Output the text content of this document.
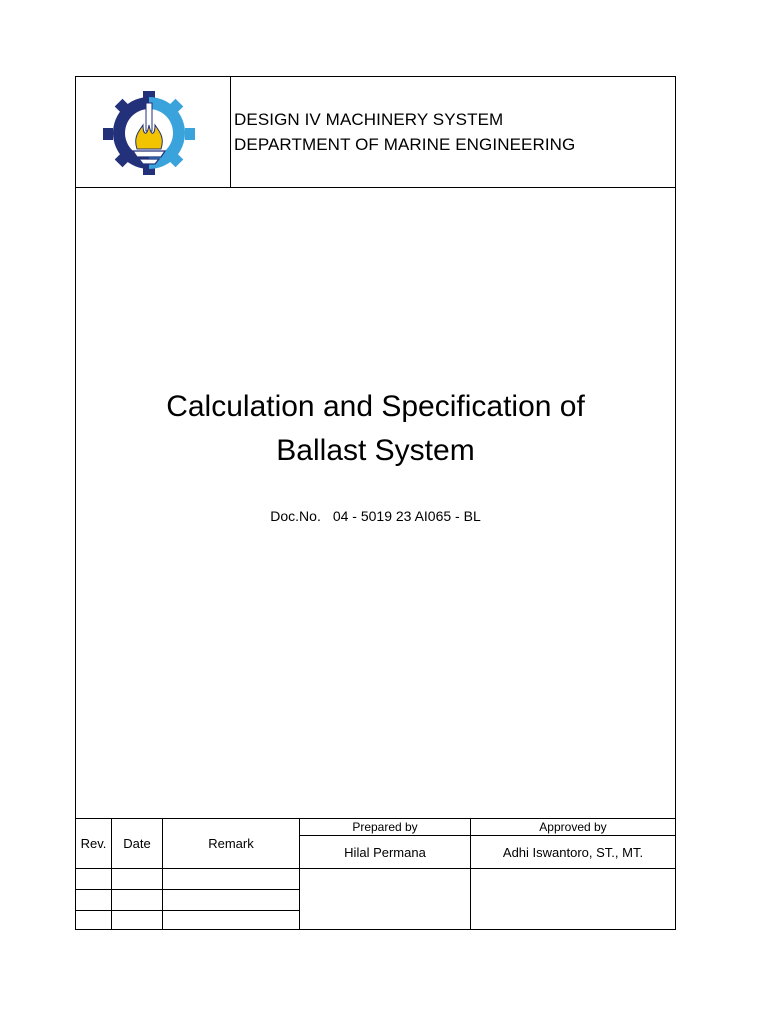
DESIGN IV MACHINERY SYSTEM
DEPARTMENT OF MARINE ENGINEERING
Calculation and Specification of
Ballast System
Doc.No. 04 - 5019 23 AI065 - BL
Rev.	Date	Remark
Prepared by	Approved by
Hilal Permana	Adhi Iswantoro, ST., MT.
